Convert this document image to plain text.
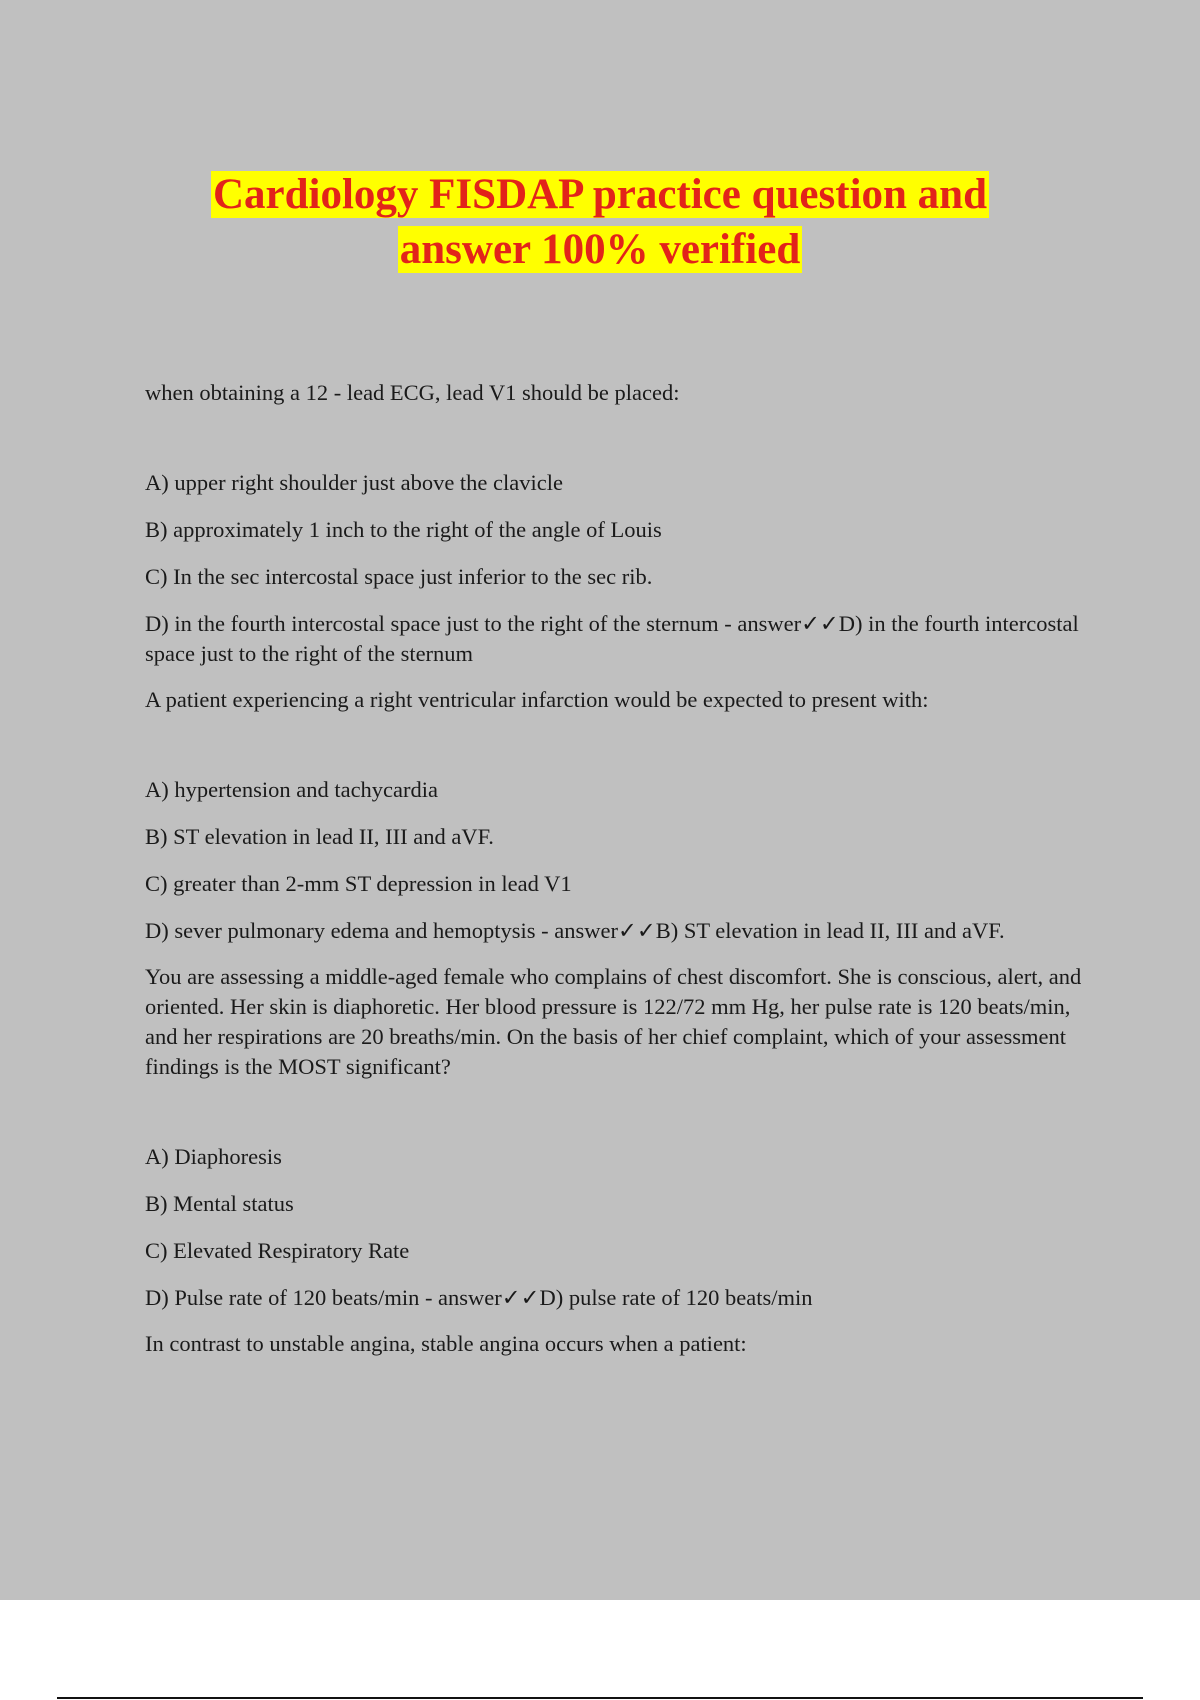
Cardiology FISDAP practice question and
answer 100% verified

when obtaining a 12 - lead ECG, lead V1 should be placed:

A) upper right shoulder just above the clavicle

B) approximately 1 inch to the right of the angle of Louis

C) In the sec intercostal space just inferior to the sec rib.

D) in the fourth intercostal space just to the right of the sternum - answer✓✓D) in the fourth intercostal space just to the right of the sternum

A patient experiencing a right ventricular infarction would be expected to present with:

A) hypertension and tachycardia

B) ST elevation in lead II, III and aVF.

C) greater than 2-mm ST depression in lead V1

D) sever pulmonary edema and hemoptysis - answer✓✓B) ST elevation in lead II, III and aVF.

You are assessing a middle-aged female who complains of chest discomfort. She is conscious, alert, and oriented. Her skin is diaphoretic. Her blood pressure is 122/72 mm Hg, her pulse rate is 120 beats/min, and her respirations are 20 breaths/min. On the basis of her chief complaint, which of your assessment findings is the MOST significant?

A) Diaphoresis

B) Mental status

C) Elevated Respiratory Rate

D) Pulse rate of 120 beats/min - answer✓✓D) pulse rate of 120 beats/min

In contrast to unstable angina, stable angina occurs when a patient:
